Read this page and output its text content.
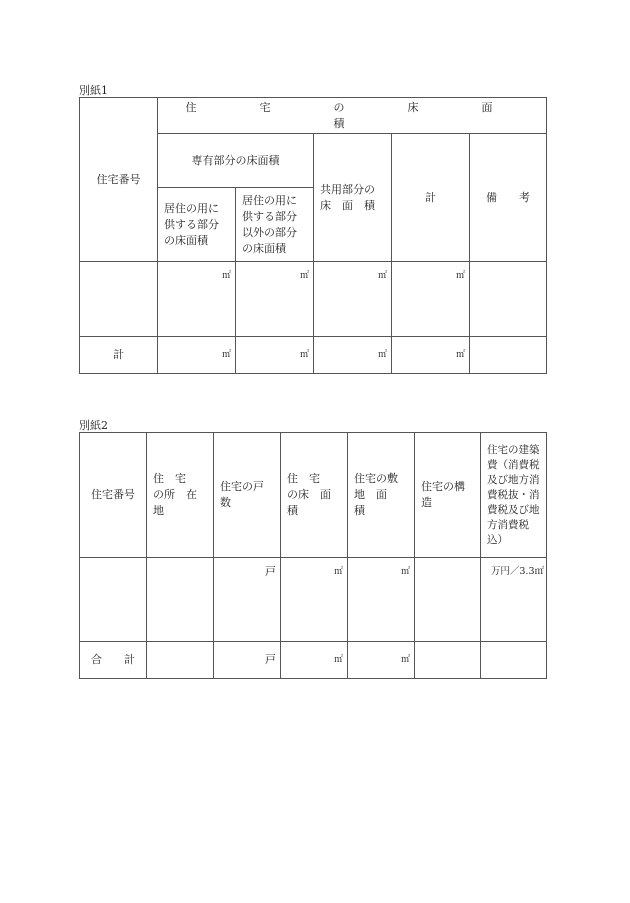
別紙1
住宅番号	住　宅　の　床　面　積				
	専有部分の床面積		共用部分の床　面　積	計	備　　考
	居住の用に供する部分の床面積	居住の用に供する部分以外の部分の床面積			
	㎡	㎡	㎡	㎡	
計	㎡	㎡	㎡	㎡	
別紙2
住宅番号	住　宅　の所　在　地	住宅の戸数	住　宅　の床　面　積	住宅の敷地　面　積	住宅の構造	住宅の建築費（消費税及び地方消費税抜・消費税及び地方消費税込）
		戸	㎡	㎡		万円／3.3㎡
合　　計		戸	㎡	㎡		
